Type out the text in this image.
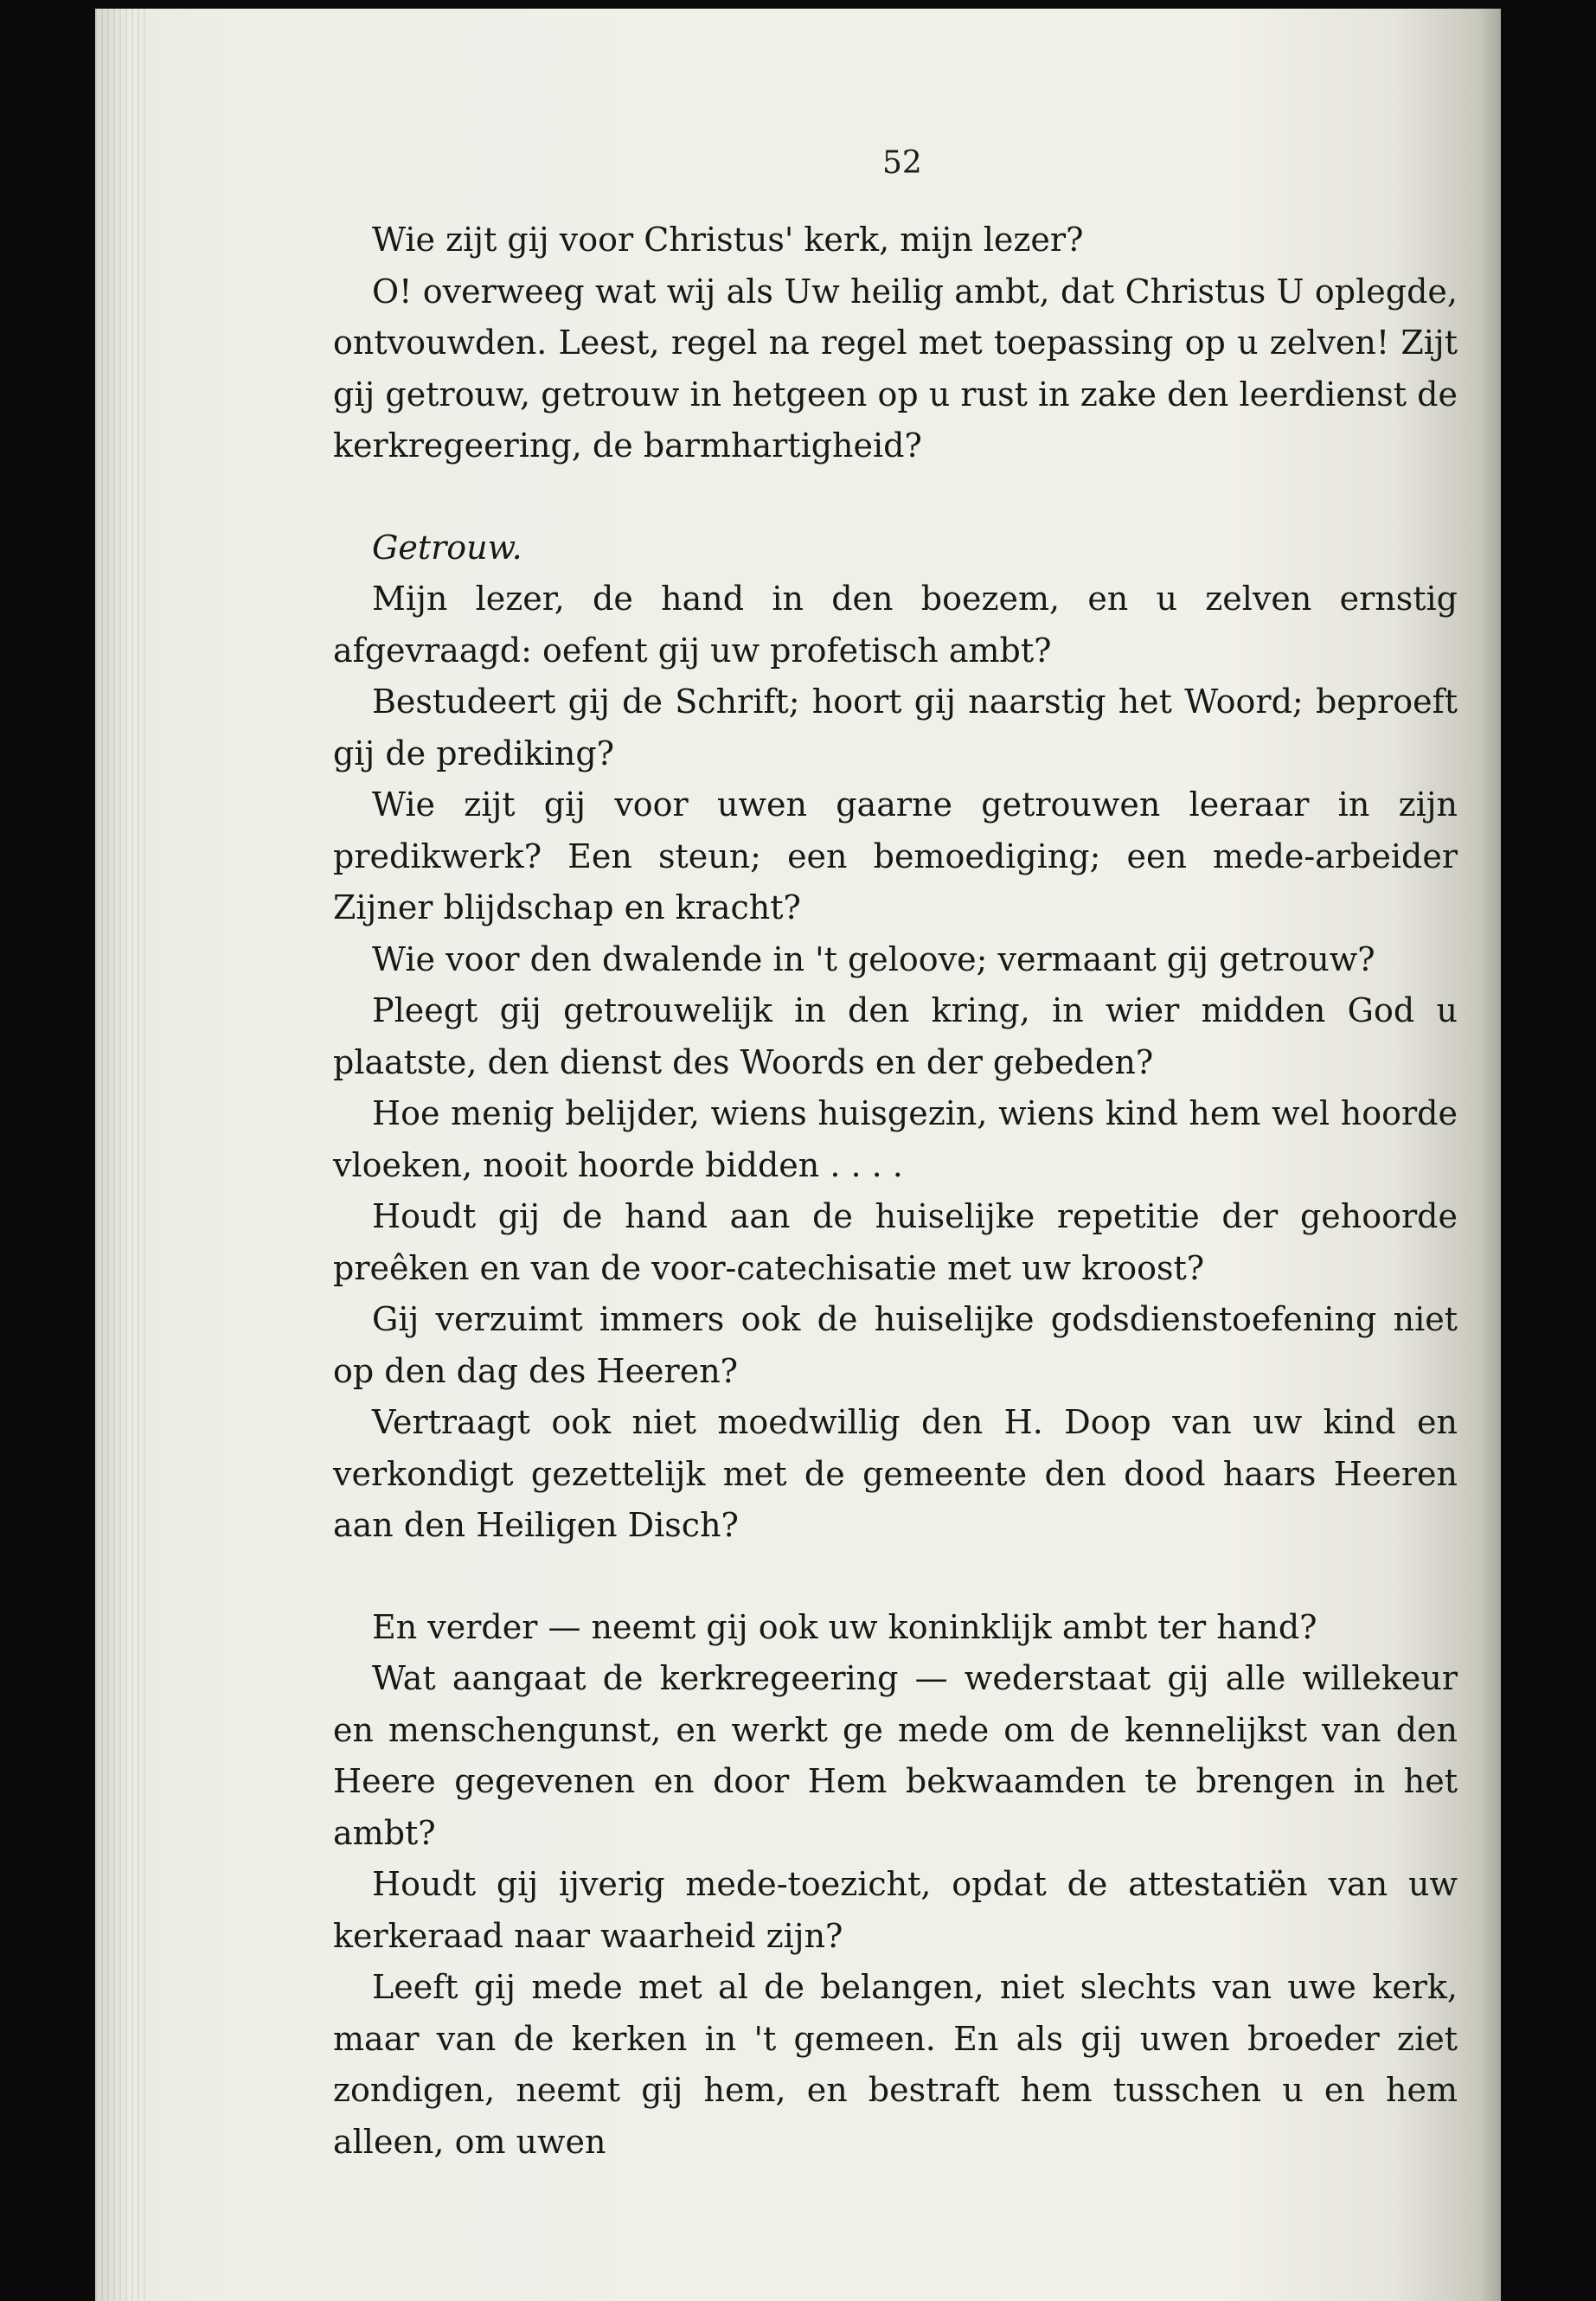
52

Wie zijt gij voor Christus' kerk, mijn lezer?

O! overweeg wat wij als Uw heilig ambt, dat Christus U oplegde, ontvouwden. Leest, regel na regel met toepassing op u zelven! Zijt gij getrouw, getrouw in hetgeen op u rust in zake den leerdienst de kerkregeering, de barmhartigheid?

Getrouw.

Mijn lezer, de hand in den boezem, en u zelven ernstig afgevraagd: oefent gij uw profetisch ambt?

Bestudeert gij de Schrift; hoort gij naarstig het Woord; beproeft gij de prediking?

Wie zijt gij voor uwen gaarne getrouwen leeraar in zijn predikwerk? Een steun; een bemoediging; een mede-arbeider Zijner blijdschap en kracht?

Wie voor den dwalende in 't geloove; vermaant gij getrouw?

Pleegt gij getrouwelijk in den kring, in wier midden God u plaatste, den dienst des Woords en der gebeden?

Hoe menig belijder, wiens huisgezin, wiens kind hem wel hoorde vloeken, nooit hoorde bidden . . . .

Houdt gij de hand aan de huiselijke repetitie der gehoorde preêken en van de voor-catechisatie met uw kroost?

Gij verzuimt immers ook de huiselijke godsdienstoefening niet op den dag des Heeren?

Vertraagt ook niet moedwillig den H. Doop van uw kind en verkondigt gezettelijk met de gemeente den dood haars Heeren aan den Heiligen Disch?

En verder — neemt gij ook uw koninklijk ambt ter hand?

Wat aangaat de kerkregeering — wederstaat gij alle willekeur en menschengunst, en werkt ge mede om de kennelijkst van den Heere gegevenen en door Hem bekwaamden te brengen in het ambt?

Houdt gij ijverig mede-toezicht, opdat de attestatiën van uw kerkeraad naar waarheid zijn?

Leeft gij mede met al de belangen, niet slechts van uwe kerk, maar van de kerken in 't gemeen. En als gij uwen broeder ziet zondigen, neemt gij hem, en bestraft hem tusschen u en hem alleen, om uwen
